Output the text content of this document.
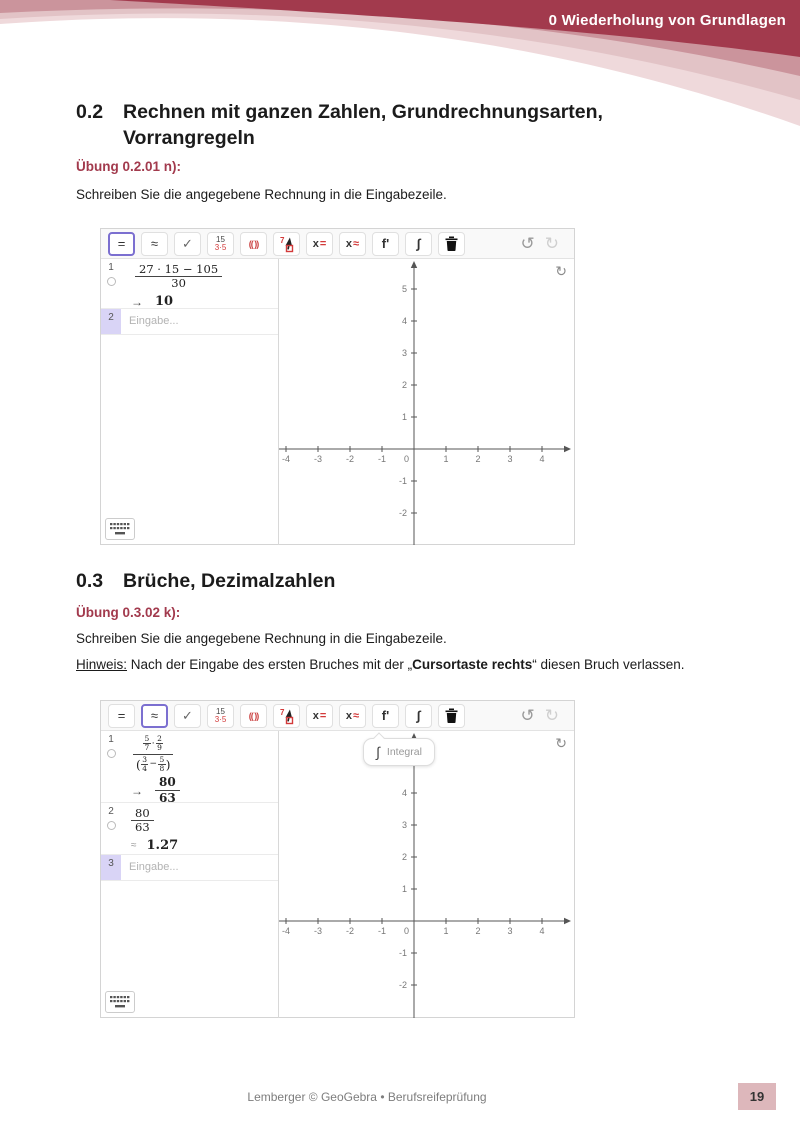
0 Wiederholung von Grundlagen
0.2	Rechnen mit ganzen Zahlen, Grundrechnungsarten,
Vorrangregeln
Übung 0.2.01 n):
Schreiben Sie die angegebene Rechnung in die Eingabezeile.
= ≈ ✓	15
3·5 (( ))	7	x = x ≈ f' ∫	↺ ↻
$1 \frac{27 \cdot 15 - 105}{30}$
→ 10
2	Eingabe...
-4	-3	-2	-1 0	1	2	3	4
-2
-1
1
2
3
4
5
↻
0.3	Brüche, Dezimalzahlen
Übung 0.3.02 k):
Schreiben Sie die angegebene Rechnung in die Eingabezeile.
Hinweis: Nach der Eingabe des ersten Bruches mit der „Cursortaste rechts“ diesen Bruch verlassen.
= ≈ ✓	15
3·5 (( ))	7	x = x ≈ f' ∫	↺ ↻
∫ Integral
1	$\frac{\frac{5}{7} \cdot \frac{2}{9}}{( \frac{3}{4} - \frac{5}{8} )}$
→ $\frac{80}{63}$
$2 \frac{80}{63}$
≈ 1.27
3	Eingabe...
-4	-3	-2	-1 0	1	2	3	4
-2
-1
1
2
3
4
↻
Lemberger © GeoGebra • Berufsreifeprüfung	19
